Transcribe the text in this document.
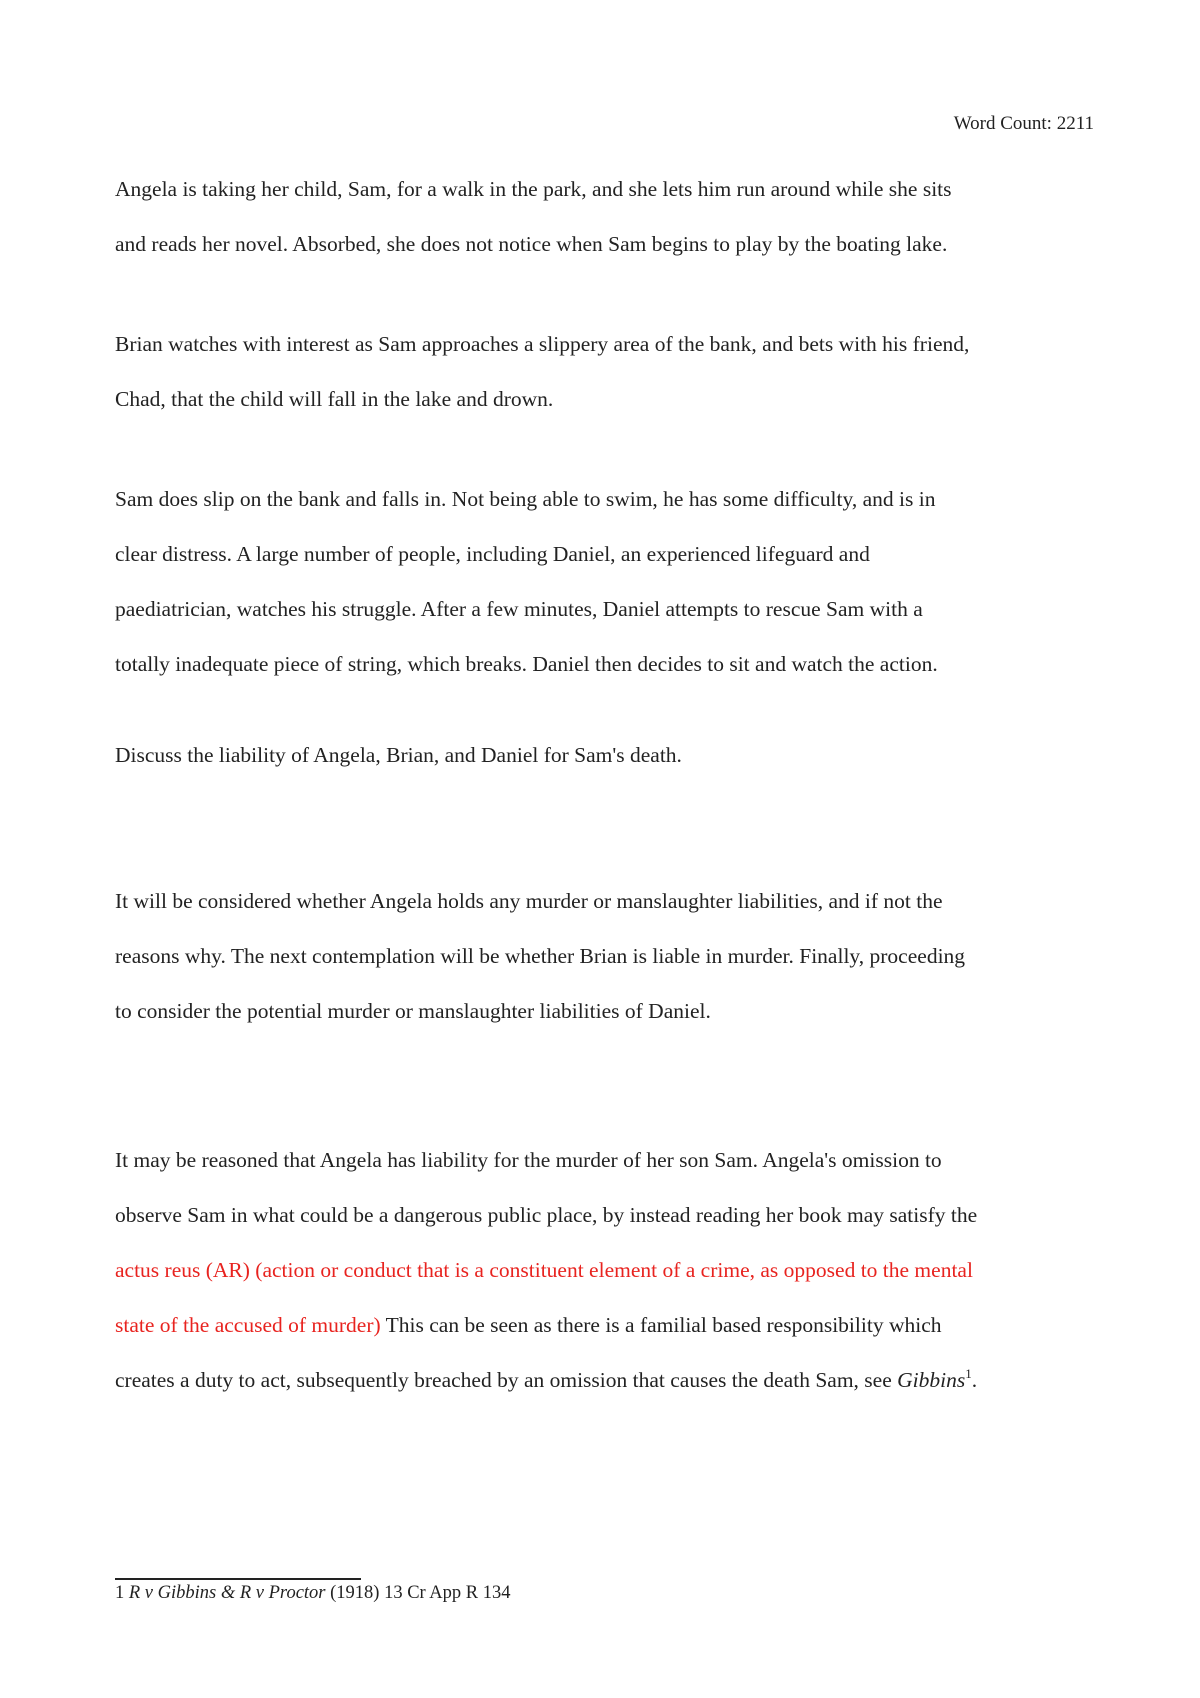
Word Count: 2211

Angela is taking her child, Sam, for a walk in the park, and she lets him run around while she sits
and reads her novel. Absorbed, she does not notice when Sam begins to play by the boating lake.

Brian watches with interest as Sam approaches a slippery area of the bank, and bets with his friend,
Chad, that the child will fall in the lake and drown.

Sam does slip on the bank and falls in. Not being able to swim, he has some difficulty, and is in
clear distress. A large number of people, including Daniel, an experienced lifeguard and
paediatrician, watches his struggle. After a few minutes, Daniel attempts to rescue Sam with a
totally inadequate piece of string, which breaks. Daniel then decides to sit and watch the action.

Discuss the liability of Angela, Brian, and Daniel for Sam's death.

It will be considered whether Angela holds any murder or manslaughter liabilities, and if not the
reasons why. The next contemplation will be whether Brian is liable in murder. Finally, proceeding
to consider the potential murder or manslaughter liabilities of Daniel.

It may be reasoned that Angela has liability for the murder of her son Sam. Angela's omission to
observe Sam in what could be a dangerous public place, by instead reading her book may satisfy the
actus reus (AR) (action or conduct that is a constituent element of a crime, as opposed to the mental
state of the accused of murder) This can be seen as there is a familial based responsibility which
creates a duty to act, subsequently breached by an omission that causes the death Sam, see Gibbins$^1$.

1 R v Gibbins & R v Proctor (1918) 13 Cr App R 134
